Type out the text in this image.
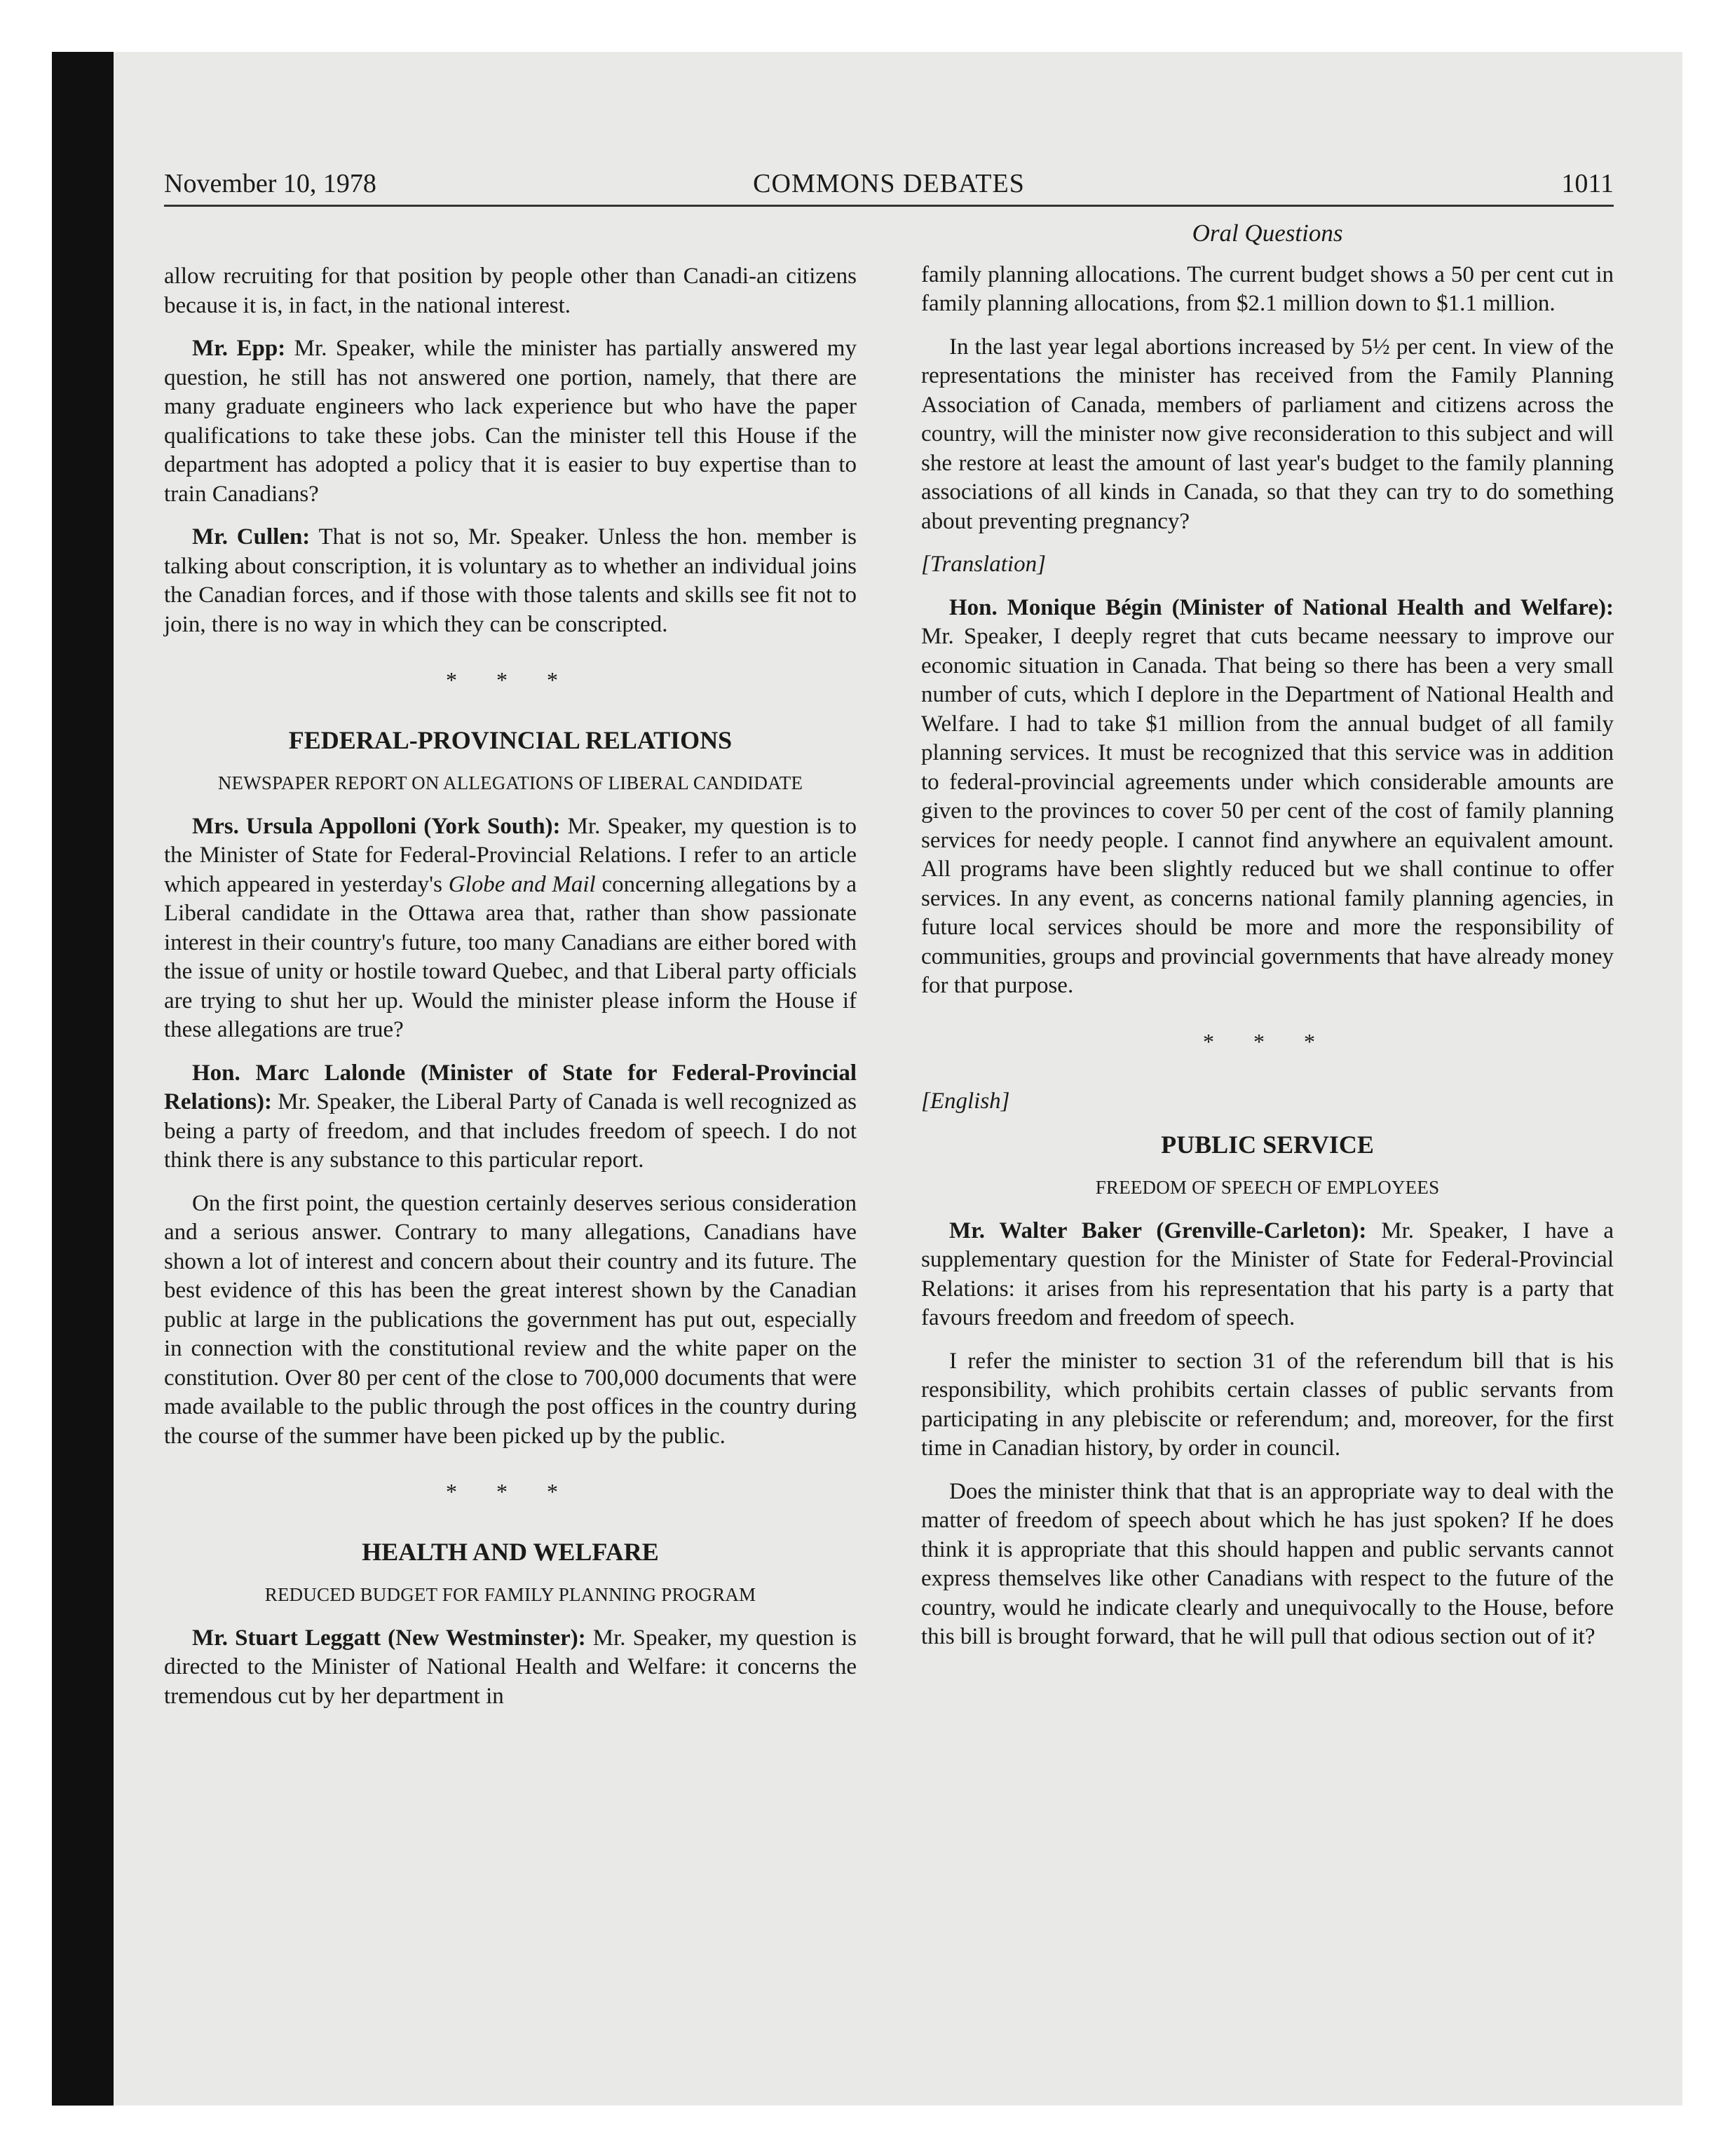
COMMONS DEBATES
November 10, 1978	1011

allow recruiting for that position by people other than Canadi-an citizens because it is, in fact, in the national interest.

Mr. Epp: Mr. Speaker, while the minister has partially answered my question, he still has not answered one portion, namely, that there are many graduate engineers who lack experience but who have the paper qualifications to take these jobs. Can the minister tell this House if the department has adopted a policy that it is easier to buy expertise than to train Canadians?

Mr. Cullen: That is not so, Mr. Speaker. Unless the hon. member is talking about conscription, it is voluntary as to whether an individual joins the Canadian forces, and if those with those talents and skills see fit not to join, there is no way in which they can be conscripted.

* * *
FEDERAL-PROVINCIAL RELATIONS
NEWSPAPER REPORT ON ALLEGATIONS OF LIBERAL CANDIDATE

Mrs. Ursula Appolloni (York South): Mr. Speaker, my question is to the Minister of State for Federal-Provincial Relations. I refer to an article which appeared in yesterday's Globe and Mail concerning allegations by a Liberal candidate in the Ottawa area that, rather than show passionate interest in their country's future, too many Canadians are either bored with the issue of unity or hostile toward Quebec, and that Liberal party officials are trying to shut her up. Would the minister please inform the House if these allegations are true?

Hon. Marc Lalonde (Minister of State for Federal-Provincial Relations): Mr. Speaker, the Liberal Party of Canada is well recognized as being a party of freedom, and that includes freedom of speech. I do not think there is any substance to this particular report.

On the first point, the question certainly deserves serious consideration and a serious answer. Contrary to many allegations, Canadians have shown a lot of interest and concern about their country and its future. The best evidence of this has been the great interest shown by the Canadian public at large in the publications the government has put out, especially in connection with the constitutional review and the white paper on the constitution. Over 80 per cent of the close to 700,000 documents that were made available to the public through the post offices in the country during the course of the summer have been picked up by the public.

* * *
HEALTH AND WELFARE
REDUCED BUDGET FOR FAMILY PLANNING PROGRAM

Mr. Stuart Leggatt (New Westminster): Mr. Speaker, my question is directed to the Minister of National Health and Welfare: it concerns the tremendous cut by her department in

Oral Questions

family planning allocations. The current budget shows a 50 per cent cut in family planning allocations, from $2.1 million down to $1.1 million.

In the last year legal abortions increased by 5½ per cent. In view of the representations the minister has received from the Family Planning Association of Canada, members of parliament and citizens across the country, will the minister now give reconsideration to this subject and will she restore at least the amount of last year's budget to the family planning associations of all kinds in Canada, so that they can try to do something about preventing pregnancy?

[Translation]

Hon. Monique Bégin (Minister of National Health and Welfare): Mr. Speaker, I deeply regret that cuts became neessary to improve our economic situation in Canada. That being so there has been a very small number of cuts, which I deplore in the Department of National Health and Welfare. I had to take $1 million from the annual budget of all family planning services. It must be recognized that this service was in addition to federal-provincial agreements under which considerable amounts are given to the provinces to cover 50 per cent of the cost of family planning services for needy people. I cannot find anywhere an equivalent amount. All programs have been slightly reduced but we shall continue to offer services. In any event, as concerns national family planning agencies, in future local services should be more and more the responsibility of communities, groups and provincial governments that have already money for that purpose.

* * *

[English]

PUBLIC SERVICE
FREEDOM OF SPEECH OF EMPLOYEES

Mr. Walter Baker (Grenville-Carleton): Mr. Speaker, I have a supplementary question for the Minister of State for Federal-Provincial Relations: it arises from his representation that his party is a party that favours freedom and freedom of speech.

I refer the minister to section 31 of the referendum bill that is his responsibility, which prohibits certain classes of public servants from participating in any plebiscite or referendum; and, moreover, for the first time in Canadian history, by order in council.

Does the minister think that that is an appropriate way to deal with the matter of freedom of speech about which he has just spoken? If he does think it is appropriate that this should happen and public servants cannot express themselves like other Canadians with respect to the future of the country, would he indicate clearly and unequivocally to the House, before this bill is brought forward, that he will pull that odious section out of it?
